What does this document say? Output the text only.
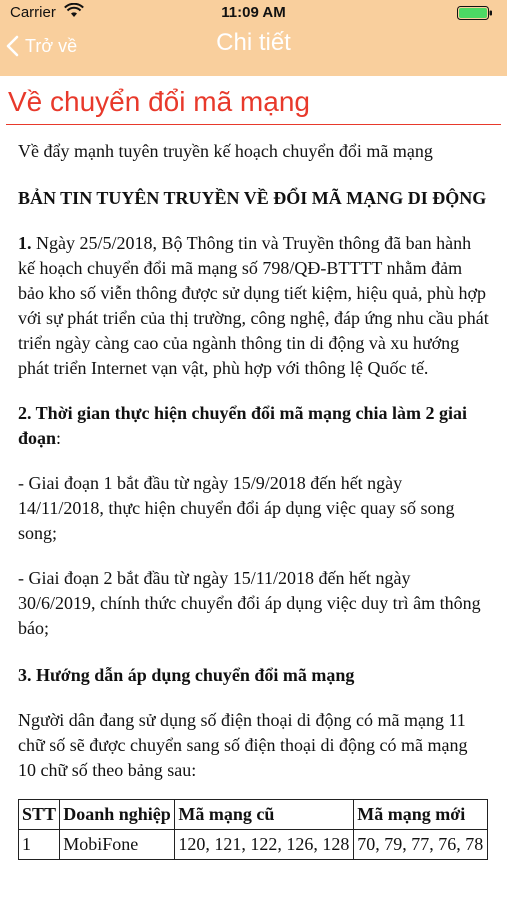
Carrier	11:09 AM
Trở về	Chi tiết
Về chuyển đổi mã mạng

Về đẩy mạnh tuyên truyền kế hoạch chuyển đổi mã mạng

BẢN TIN TUYÊN TRUYỀN VỀ ĐỔI MÃ MẠNG DI ĐỘNG

1. Ngày 25/5/2018, Bộ Thông tin và Truyền thông đã ban hành kế hoạch chuyển đổi mã mạng số 798/QĐ-BTTTT nhằm đảm bảo kho số viễn thông được sử dụng tiết kiệm, hiệu quả, phù hợp với sự phát triển của thị trường, công nghệ, đáp ứng nhu cầu phát triển ngày càng cao của ngành thông tin di động và xu hướng phát triển Internet vạn vật, phù hợp với thông lệ Quốc tế.

2. Thời gian thực hiện chuyển đổi mã mạng chia làm 2 giai đoạn:

- Giai đoạn 1 bắt đầu từ ngày 15/9/2018 đến hết ngày 14/11/2018, thực hiện chuyển đổi áp dụng việc quay số song song;

- Giai đoạn 2 bắt đầu từ ngày 15/11/2018 đến hết ngày 30/6/2019, chính thức chuyển đổi áp dụng việc duy trì âm thông báo;

3. Hướng dẫn áp dụng chuyển đổi mã mạng

Người dân đang sử dụng số điện thoại di động có mã mạng 11 chữ số sẽ được chuyển sang số điện thoại di động có mã mạng 10 chữ số theo bảng sau:

STT	Doanh nghiệp	Mã mạng cũ	Mã mạng mới
1	MobiFone	120, 121, 122, 126, 128	70, 79, 77, 76, 78
